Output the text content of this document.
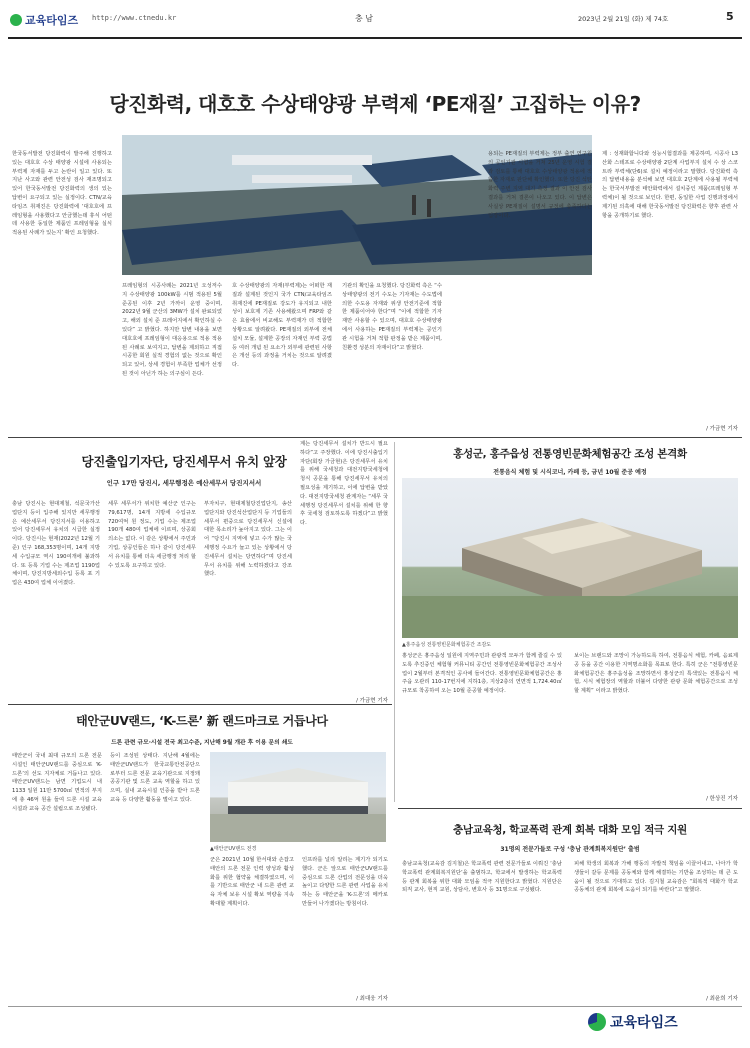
교육타임즈 http://www.ctnedu.kr	충 남	2023년 2월 21일 (화) 제 74호	5
당진화력, 대호호 수상태양광 부력제 ‘PE재질’ 고집하는 이유?

한국동서발전 당진화력이 발주해 진행하고 있는 대호호 수상 태양광 시설에 사용되는 부력제 자재를 두고 논란이 일고 있다. 또 지난 사고와 관련 안전성 검사 재조명되고 있어 한국동서발전 당진화력의 생의 있는 답변이 요구되고 있는 실정이다. CTN/교육타임즈 취재진은 당진화력에 ‘대호호에 프레임형을 사용했다고 안금했는데 휴식 어떤데 사용한 동일한 제품인 프레임형을 실식 적용된 사례가 있는지’ 확인 요청했다.

프레임형의 시공사례는 2021년 오성저수지 수상태양광 100kW를 시범 적용된 5월 준공된 이후 2년 가까이 운영 중이며, 2022년 9월 군산의 3MW가 설치 완료되었고, 해외 설치 준 프레어지에서 확인하실 수 있다” 고 밝혔다. 하지만 답변 내용을 보면 대호호에 프레임형이 대응용으로 적용 적용된 사례로 보여지고, 답변을 제외하고 직접 시공한 회원 실적 경험의 없는 것으로 확인되고 있어, 상세 경험이 부족한 업체가 선정된 것이 아닌가 하는 의구심이 든다.

호 수상태양광의 자재(부력제)는 어떠한 재질과 설계된 것인지 국가 CTN/교육타임즈 취재진에 PE재질로 강도가 유지되고 내한성이 보호제 기존 사용해왔으며 FRP와 같은 효율에서 비교해도 부력재가 더 적합한 상황으로 알려왔다. PE재질의 외부에 전체 설치 모듈, 설계한 공장의 자재인 부력 공법 등 여러 개념 된 요소가 외부에 관련된 사항은 개선 등의 과정을 거치는 것으로 알려졌다.

기관의 확인을 요청했다. 당진화력 측은 “수상태양광의 전기 수도는 기자재는 수도법에 의한 수도용 자재와 위생 안전기준에 적합한 제품이어야 한다”며 “이에 적합한 기자재만 사용할 수 있으며, 대호호 수상태양광에서 사용하는 PE재질의 부력제는 공인기관 시험을 거쳐 적합 판정을 받은 제품이며, 친환경 성분의 자재이다”고 밝혔다.

용되는 PE재질의 부력제는 정부 출연 연구원의 공인기관 시험을 거쳐 25년 운영 시험 결과 검토를 통해 대호호 수상태양광 적용에 적합한 자재로 판단해 확인했다. 또한 당진 석탄화력 주변 지역 대기 측정 결과 이 안전 검사 결과를 거쳐 결론이 나오고 있다. 이 답변은 사실상 PE재질이 설명서 규정에 충족하다는 입장이다.

제 : 성재화합니다와 성능시험결과를 제공하며, 시공사 L3 산화 스테프로 수상태양광 2단계 사업부지 설치 수 상 스코트라 부력체(단6)로 설치 예정이라고 말했다. 당진화력 측의 답변내용을 분석해 보면 대호호 2단계에 사용될 부력체는 한국서부발전 태안화력에서 설치중인 제품(프레임형 부력체)이 될 것으로 보인다. 한편, 동일한 사업 진행과정에서 제기된 의혹에 대해 한국동서발전 당진화력은 향후 관련 사항을 공개하기로 했다.

/ 가금현 기자
당진출입기자단, 당진세무서 유치 앞장
인구 17만 당진시, 세무행정은 예산세무서 당진지서서

충남 당진시는 현대제철, 석문국가산업단지 등이 입주해 있지만 세무행정은 예산세무서 당진지서를 이용하고 있어 당진세무서 유치의 시급한 실정이다. 당진시는 현재(2022년 12월 기준) 인구 168,353명이며, 14개 지방세 수입규모 역시 190여개에 불과하다. 또 등록 기업 수는 제조업 1190업체이며, 당진지방세외수입 등록 포 기업은 430여 업체 이어졌다.

세무 세무서가 위치한 예산군 인구는 79,617명, 14개 지방세 수입규모 720여억 원 정도, 기업 수는 제조업 190개 480여 업체에 이르며, 상공회의소는 없다. 이 같은 상황에서 주민과 기업, 상공인들은 하나 같이 당진세무서 유치를 통해 더욱 세금행정 처리 할 수 있도록 요구하고 있다.

부자치구, 현대제철당진업단지, 송산업단지와 당진석산업단지 등 기업들의 세무서 편중으로 당진세무서 신설에 대한 목소리가 높아지고 있다. 그는 이어 “당진시 지역에 넣고 수가 많는 국세행정 수요가 늘고 있는 상황에서 당진세무서 설치는 당연하다”며 당진세무서 유치를 위해 노력하겠다고 강조했다.

계는 당진세무서 설치가 반드시 필요하다”고 주장했다. 이에 당진시출입기자단(회장 가금현)은 당진세무서 유치를 위해 국세청과 대전지방국세청에 청식 공문을 통해 당진세무서 유치의 필요성을 제기하고, 이에 답변을 받았다. 대전지방국세청 관계자는 “세무 국세행정 당진세무서 설치를 위해 한 향후 국세청 검토하도록 하겠다”고 밝혔다.

/ 가금현 기자
홍성군, 홍주읍성 전통영빈문화체험공간 조성 본격화
전통음식 체험 및 시식코너, 카페 등, 금년 10월 준공 예정
▲홍주읍성 전통영빈문화체험공간 조감도

홍성군은 홍주읍성 일원에 지역주민과 관광객 모두가 함께 즐길 수 있도록 추진중인 체험형 커뮤니티 공간인 전통영빈문화체험공간 조성사업이 2월부터 본격적인 공사에 들어간다. 전통영빈문화체험공간은 홍주읍 오관리 110-17번지에 지하1층, 지상2층의 연면적 1,724.40㎡ 규모로 착공하여 오는 10월 준공할 예정이다.

보이는 브랜드와 조망이 가능하도록 하여, 전통음식 체험, 카페, 음료제공 등을 공간 이용한 지역명소화를 목표로 한다. 특히 군은 “전통영빈문화체험공간은 홍주읍성을 조망하면서 홍성군의 특색있는 전통음식 체험, 시식 체험장의 역할과 더불어 다양한 관광 문화 체험공간으로 조성할 계획” 이라고 밝혔다.

/ 한상진 기자
태안군UV랜드, ‘K-드론’ 新 랜드마크로 거듭나다
드론 관련 규모·시설 전국 최고수준, 지난해 9월 개관 후 이용 문의 쇄도

태안군이 국내 최대 규모의 드론 전문시설인 태안군UV랜드를 중심으로 ‘K-드론’의 선도 지자체로 거듭나고 있다. 태안군UV랜드는 남면 기업도시 내 1133 일원 11만 5700㎡ 면적의 부지에 총 46억 원을 들여 드론 시설 교육 시설과 교육 공간 설립으로 조성됐다.

등이 조성된 상태다. 지난해 4월에는 태안군UV랜드가 한국교통안전공단으로부터 드론 전문 교육기관으로 지정돼 공공기관 및 드론 교육 역할을 하고 있으며, 실내 교육시설 인증을 받아 드론 교육 등 다양한 활동을 벌이고 있다.

▲태안군UV랜드 전경

군은 2021년 10월 한서대와 손잡고 태안의 드론 전문 인력 양성과 활성화를 위한 협약을 체결하였으며, 이를 기반으로 태안군 내 드론 관련 교육 자체 보유 시설 확보 역량을 지속 확대할 계획이다.

인프라를 널리 알리는 계기가 되기도 했다. 군은 앞으로 태안군UV랜드를 중심으로 드론 산업의 전문성을 더욱 높이고 다양한 드론 관련 사업을 유치하는 등 태안군을 ‘K-드론’의 메카로 만들어 나가겠다는 방침이다.

/ 최대웅 기자
충남교육청, 학교폭력 관계 회복 대화 모임 적극 지원
31명의 전문가들로 구성 ‘충남 관계회복지원단’ 출범

충남교육청(교육감 김지철)은 학교폭력 관련 전문가들로 이뤄진 ‘충남 학교폭력 관계회복지원단’을 출범하고, 학교에서 발생하는 학교폭력 등 관계 회복을 위한 대화 모임을 적극 지원한다고 밝혔다. 지원단은 퇴직 교사, 현직 교원, 상담사, 변호사 등 31명으로 구성됐다.

피해 학생의 회복과 가해 행동의 자발적 책임을 이끌어내고, 나아가 학생들이 갈등 문제를 공동체와 함께 해결하는 기반을 조성하는 데 큰 도움이 될 것으로 기대하고 있다. 김지철 교육감은 “회복적 대화가 학교 공동체의 관계 회복에 도움이 되기를 바란다”고 말했다.

/ 최윤희 기자
교육타임즈
